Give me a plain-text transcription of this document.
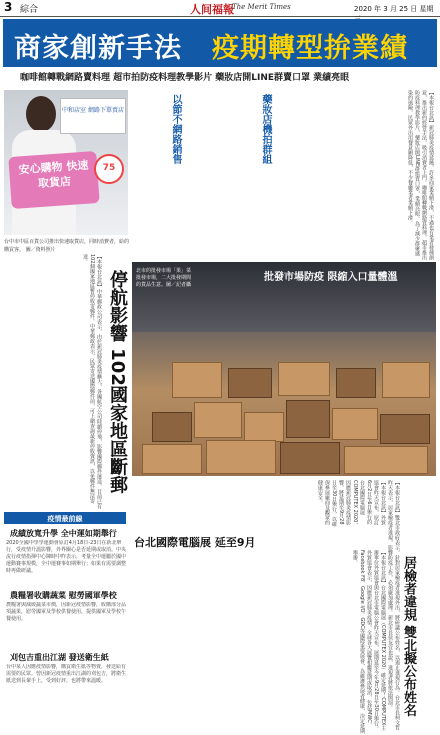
3 綜合	人间福報
The Merit Times	2020 年 3 月 25 日 星期
商家創新手法 疫期轉型拚業績
咖啡館轉戰網路賣料理 超市拍防疫料理教學影片 藥妝店開LINE群賣口罩 業績亮眼
中和店室 網路下單賣店
安心購物 快速取貨店
75
台中市中區百貨公司推出快速取貨店，同時消費者，給的購買客。 圖／資料照片	【本報台北訊】新冠肺炎疫情延燒，許多商家業績下滑，不過也有業者發揮創意，推出新的經營手法，吸引消費者上門。咖啡館轉戰網路賣料理，超市推出防疫料理教學影片，藥妝店開LINE群組賣口罩，業績亮眼。為了減少群聚感染的風險，民眾外出用餐意願降低，不少餐廳業者業績下滑。
以節不網路銷售	藥妝店機拍群組
【本報台北訊】中華郵政公司表示，由於新冠肺炎疫情擴大，各國航空公司陸續停飛，影響國際郵件運送，目前已有102個國家地區暫停收寄郵件。中華郵政表示，民眾寄送國際郵件前，可上網查詢最新停收資訊，以免郵件無法寄達。
停航影響 102國家地區斷郵 北市的批發市場「果」菜批發市場，二大批發期間的貨品生意。圖／記者攝
批發市場防疫 限縮入口量體溫
疫情最前線
成績放寬升學 全中運如期舉行
2020全國中學學運動會原訂4月18日-23日在新北舉行，受疫情升溫影響，外界關心是否延期或取消。中央流行疫情指揮中心陳時中昨表示，考量全中運屬於國中運動賽事規模，全中運賽事如期舉行；如果有需要調整時再做研議。
農糧署收購蔬菜 慰勞國軍學校
農糧署與減緩蔬菜市價，因新冠疫情影響，收購部分品項蔬果，慰勞國軍及學校供餐使用，提供國軍及學校午餐使用。
刈包吉重出江湖 發送衛生紙
台中某人因應疫情影響，購買衛生紙等物資，發送給有需要的民眾。曾因新冠疫情重出江湖的刈包吉，將衛生紙送到長輩手上，受到好評。也將帶來溫暖。
【本報台北訊】外貿協會昨天宣布，原訂6月2日至6日舉行的台北國際電腦展COMPUTEX 2020，因應新冠肺炎疫情影響，將延期至9月28日至30日舉行，以確保參展廠商及觀眾的健康安全。
台北國際電腦展 延至9月
【本報台北訊】台北國際電腦展（COMPUTEX 2020）確定延期！COMPUTEX主辦單位外貿協會與台北市電腦公會昨天宣布，展期延至今年9月28日至30日舉行。外貿協會表示，因應新冠肺炎疫情，全球各大展覽相繼延期或取消，包括MWC、Facebook F8、Google I/O、GDC等國際重要展會，為維護參展者健康，決定延期舉辦。	【本報台北訊】雙北市政府表示，針對居家檢疫者違規外出，將研議公布姓名，以遏止違規行為。台北市長柯文哲昨天表示，居家檢疫者違規，影響防疫工作，必須嚴加處理。新北市長侯友宜也說，違規者將依法開罰。 居檢者違規 雙北擬公布姓名
